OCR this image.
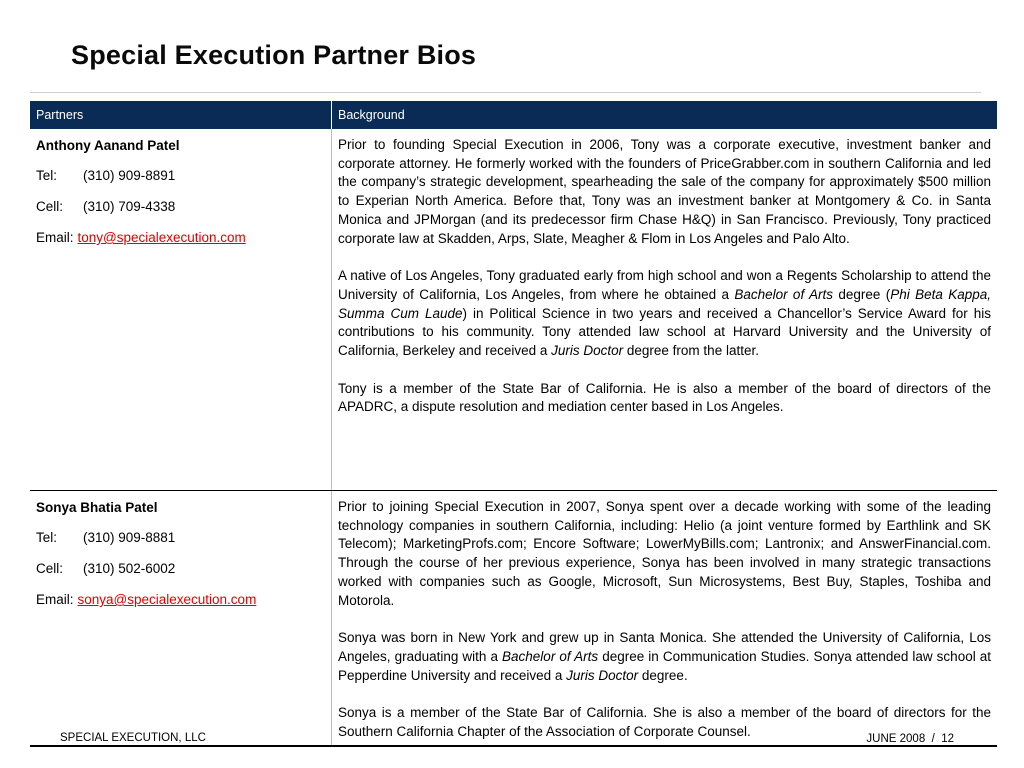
Special Execution Partner Bios
Partners	Background

Anthony Aanand Patel

Tel: (310) 909-8891

Cell: (310) 709-4338

Email: tony@specialexecution.com

Prior to founding Special Execution in 2006, Tony was a corporate executive, investment banker and corporate attorney. He formerly worked with the founders of PriceGrabber.com in southern California and led the company’s strategic development, spearheading the sale of the company for approximately $500 million to Experian North America. Before that, Tony was an investment banker at Montgomery & Co. in Santa Monica and JPMorgan (and its predecessor firm Chase H&Q) in San Francisco. Previously, Tony practiced corporate law at Skadden, Arps, Slate, Meagher & Flom in Los Angeles and Palo Alto.

A native of Los Angeles, Tony graduated early from high school and won a Regents Scholarship to attend the University of California, Los Angeles, from where he obtained a Bachelor of Arts degree (Phi Beta Kappa, Summa Cum Laude) in Political Science in two years and received a Chancellor’s Service Award for his contributions to his community. Tony attended law school at Harvard University and the University of California, Berkeley and received a Juris Doctor degree from the latter.

Tony is a member of the State Bar of California. He is also a member of the board of directors of the APADRC, a dispute resolution and mediation center based in Los Angeles.

Sonya Bhatia Patel

Tel: (310) 909-8881

Cell: (310) 502-6002

Email: sonya@specialexecution.com

Prior to joining Special Execution in 2007, Sonya spent over a decade working with some of the leading technology companies in southern California, including: Helio (a joint venture formed by Earthlink and SK Telecom); MarketingProfs.com; Encore Software; LowerMyBills.com; Lantronix; and AnswerFinancial.com. Through the course of her previous experience, Sonya has been involved in many strategic transactions worked with companies such as Google, Microsoft, Sun Microsystems, Best Buy, Staples, Toshiba and Motorola.

Sonya was born in New York and grew up in Santa Monica. She attended the University of California, Los Angeles, graduating with a Bachelor of Arts degree in Communication Studies. Sonya attended law school at Pepperdine University and received a Juris Doctor degree.

Sonya is a member of the State Bar of California. She is also a member of the board of directors for the Southern California Chapter of the Association of Corporate Counsel.

SPECIAL EXECUTION, LLC	JUNE 2008 / 12
